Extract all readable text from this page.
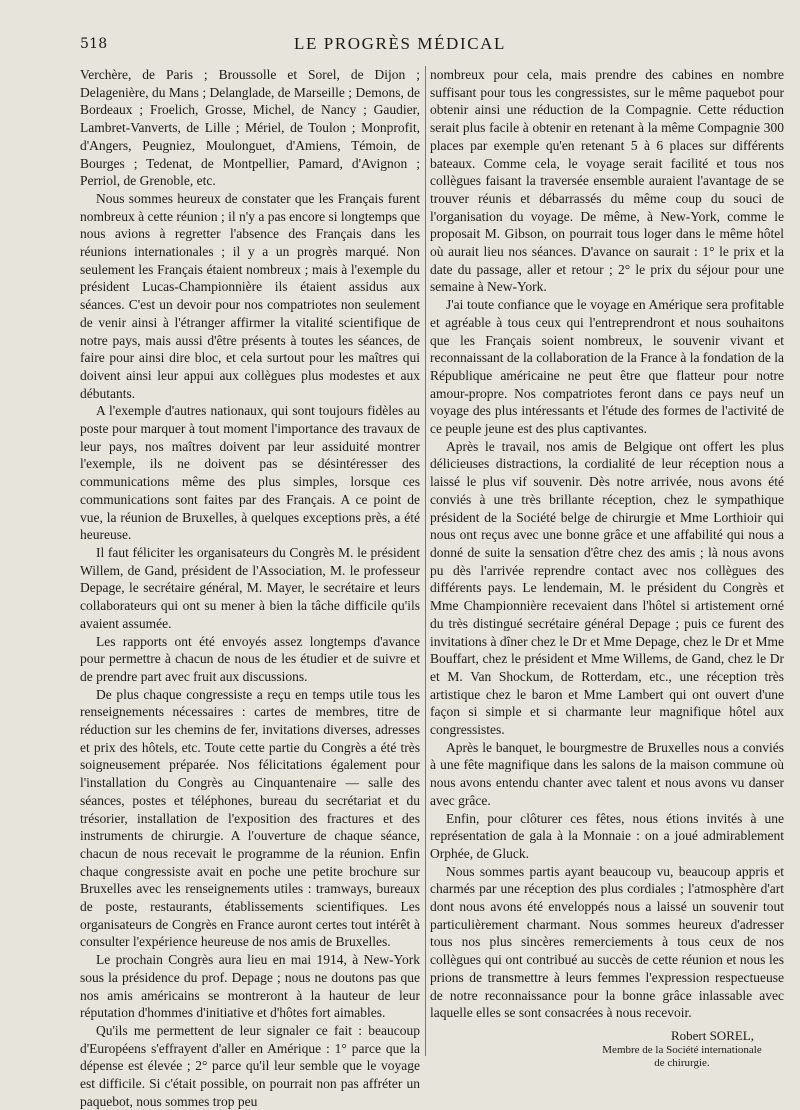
518	LE PROGRÈS MÉDICAL

Verchère, de Paris ; Broussolle et Sorel, de Dijon ; Delagenière, du Mans ; Delanglade, de Marseille ; Demons, de Bordeaux ; Froelich, Grosse, Michel, de Nancy ; Gaudier, Lambret-Vanverts, de Lille ; Mériel, de Toulon ; Monprofit, d'Angers, Peugniez, Moulonguet, d'Amiens, Témoin, de Bourges ; Tedenat, de Montpellier, Pamard, d'Avignon ; Perriol, de Grenoble, etc.

Nous sommes heureux de constater que les Français furent nombreux à cette réunion ; il n'y a pas encore si longtemps que nous avions à regretter l'absence des Français dans les réunions internationales ; il y a un progrès marqué. Non seulement les Français étaient nombreux ; mais à l'exemple du président Lucas-Championnière ils étaient assidus aux séances. C'est un devoir pour nos compatriotes non seulement de venir ainsi à l'étranger affirmer la vitalité scientifique de notre pays, mais aussi d'être présents à toutes les séances, de faire pour ainsi dire bloc, et cela surtout pour les maîtres qui doivent ainsi leur appui aux collègues plus modestes et aux débutants.

A l'exemple d'autres nationaux, qui sont toujours fidèles au poste pour marquer à tout moment l'importance des travaux de leur pays, nos maîtres doivent par leur assiduité montrer l'exemple, ils ne doivent pas se désintéresser des communications même des plus simples, lorsque ces communications sont faites par des Français. A ce point de vue, la réunion de Bruxelles, à quelques exceptions près, a été heureuse.

Il faut féliciter les organisateurs du Congrès M. le président Willem, de Gand, président de l'Association, M. le professeur Depage, le secrétaire général, M. Mayer, le secrétaire et leurs collaborateurs qui ont su mener à bien la tâche difficile qu'ils avaient assumée.

Les rapports ont été envoyés assez longtemps d'avance pour permettre à chacun de nous de les étudier et de suivre et de prendre part avec fruit aux discussions.

De plus chaque congressiste a reçu en temps utile tous les renseignements nécessaires : cartes de membres, titre de réduction sur les chemins de fer, invitations diverses, adresses et prix des hôtels, etc. Toute cette partie du Congrès a été très soigneusement préparée. Nos félicitations également pour l'installation du Congrès au Cinquantenaire — salle des séances, postes et téléphones, bureau du secrétariat et du trésorier, installation de l'exposition des fractures et des instruments de chirurgie. A l'ouverture de chaque séance, chacun de nous recevait le programme de la réunion. Enfin chaque congressiste avait en poche une petite brochure sur Bruxelles avec les renseignements utiles : tramways, bureaux de poste, restaurants, établissements scientifiques. Les organisateurs de Congrès en France auront certes tout intérêt à consulter l'expérience heureuse de nos amis de Bruxelles.

Le prochain Congrès aura lieu en mai 1914, à New-York sous la présidence du prof. Depage ; nous ne doutons pas que nos amis américains se montreront à la hauteur de leur réputation d'hommes d'initiative et d'hôtes fort aimables.

Qu'ils me permettent de leur signaler ce fait : beaucoup d'Européens s'effrayent d'aller en Amérique : 1° parce que la dépense est élevée ; 2° parce qu'il leur semble que le voyage est difficile. Si c'était possible, on pourrait non pas affréter un paquebot, nous sommes trop peu

nombreux pour cela, mais prendre des cabines en nombre suffisant pour tous les congressistes, sur le même paquebot pour obtenir ainsi une réduction de la Compagnie. Cette réduction serait plus facile à obtenir en retenant à la même Compagnie 300 places par exemple qu'en retenant 5 à 6 places sur différents bateaux. Comme cela, le voyage serait facilité et tous nos collègues faisant la traversée ensemble auraient l'avantage de se trouver réunis et débarrassés du même coup du souci de l'organisation du voyage. De même, à New-York, comme le proposait M. Gibson, on pourrait tous loger dans le même hôtel où aurait lieu nos séances. D'avance on saurait : 1° le prix et la date du passage, aller et retour ; 2° le prix du séjour pour une semaine à New-York.

J'ai toute confiance que le voyage en Amérique sera profitable et agréable à tous ceux qui l'entreprendront et nous souhaitons que les Français soient nombreux, le souvenir vivant et reconnaissant de la collaboration de la France à la fondation de la République américaine ne peut être que flatteur pour notre amour-propre. Nos compatriotes feront dans ce pays neuf un voyage des plus intéressants et l'étude des formes de l'activité de ce peuple jeune est des plus captivantes.

Après le travail, nos amis de Belgique ont offert les plus délicieuses distractions, la cordialité de leur réception nous a laissé le plus vif souvenir. Dès notre arrivée, nous avons été conviés à une très brillante réception, chez le sympathique président de la Société belge de chirurgie et Mme Lorthioir qui nous ont reçus avec une bonne grâce et une affabilité qui nous a donné de suite la sensation d'être chez des amis ; là nous avons pu dès l'arrivée reprendre contact avec nos collègues des différents pays. Le lendemain, M. le président du Congrès et Mme Championnière recevaient dans l'hôtel si artistement orné du très distingué secrétaire général Depage ; puis ce furent des invitations à dîner chez le Dr et Mme Depage, chez le Dr et Mme Bouffart, chez le président et Mme Willems, de Gand, chez le Dr et M. Van Shockum, de Rotterdam, etc., une réception très artistique chez le baron et Mme Lambert qui ont ouvert d'une façon si simple et si charmante leur magnifique hôtel aux congressistes.

Après le banquet, le bourgmestre de Bruxelles nous a conviés à une fête magnifique dans les salons de la maison commune où nous avons entendu chanter avec talent et nous avons vu danser avec grâce.

Enfin, pour clôturer ces fêtes, nous étions invités à une représentation de gala à la Monnaie : on a joué admirablement Orphée, de Gluck.

Nous sommes partis ayant beaucoup vu, beaucoup appris et charmés par une réception des plus cordiales ; l'atmosphère d'art dont nous avons été enveloppés nous a laissé un souvenir tout particulièrement charmant. Nous sommes heureux d'adresser tous nos plus sincères remerciements à tous ceux de nos collègues qui ont contribué au succès de cette réunion et nous les prions de transmettre à leurs femmes l'expression respectueuse de notre reconnaissance pour la bonne grâce inlassable avec laquelle elles se sont consacrées à nous recevoir.

Robert SOREL,
Membre de la Société internationale
de chirurgie.
